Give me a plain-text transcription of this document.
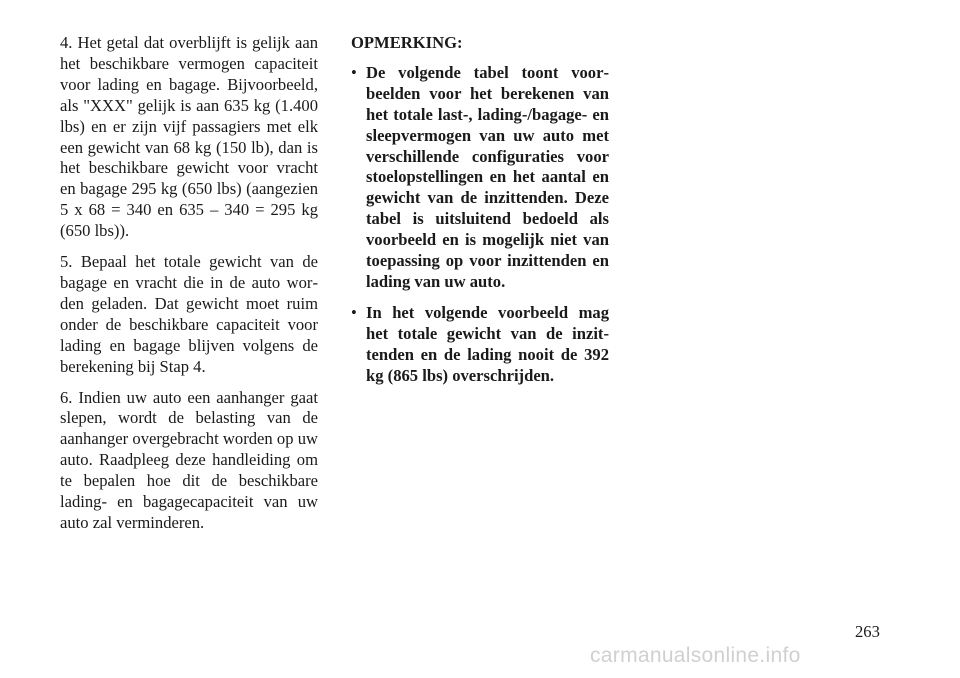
4. Het getal dat overblijft is gelijk aan het beschikbare vermogen capaciteit voor lading en bagage. Bijvoorbeeld, als "XXX" gelijk is aan 635 kg (1.400 lbs) en er zijn vijf passagiers met elk een gewicht van 68 kg (150 lb), dan is het beschikbare gewicht voor vracht en bagage 295 kg (650 lbs) (aangezien 5 x 68 = 340 en 635 – 340 = 295 kg (650 lbs)).

5. Bepaal het totale gewicht van de bagage en vracht die in de auto worden geladen. Dat gewicht moet ruim onder de beschikbare capaciteit voor lading en bagage blijven volgens de berekening bij Stap 4.

6. Indien uw auto een aanhanger gaat slepen, wordt de belasting van de aanhanger overgebracht worden op uw auto. Raadpleeg deze handleiding om te bepalen hoe dit de beschikbare lading- en bagagecapaciteit van uw auto zal verminderen.

OPMERKING:

• De volgende tabel toont voorbeelden voor het berekenen van het totale last-, lading-/bagage- en sleepvermogen van uw auto met verschillende configuraties voor stoelopstellingen en het aantal en gewicht van de inzittenden. Deze tabel is uitsluitend bedoeld als voorbeeld en is mogelijk niet van toepassing op voor inzittenden en lading van uw auto.
• In het volgende voorbeeld mag het totale gewicht van de inzittenden en de lading nooit de 392 kg (865 lbs) overschrijden.
263
carmanualsonline.info
